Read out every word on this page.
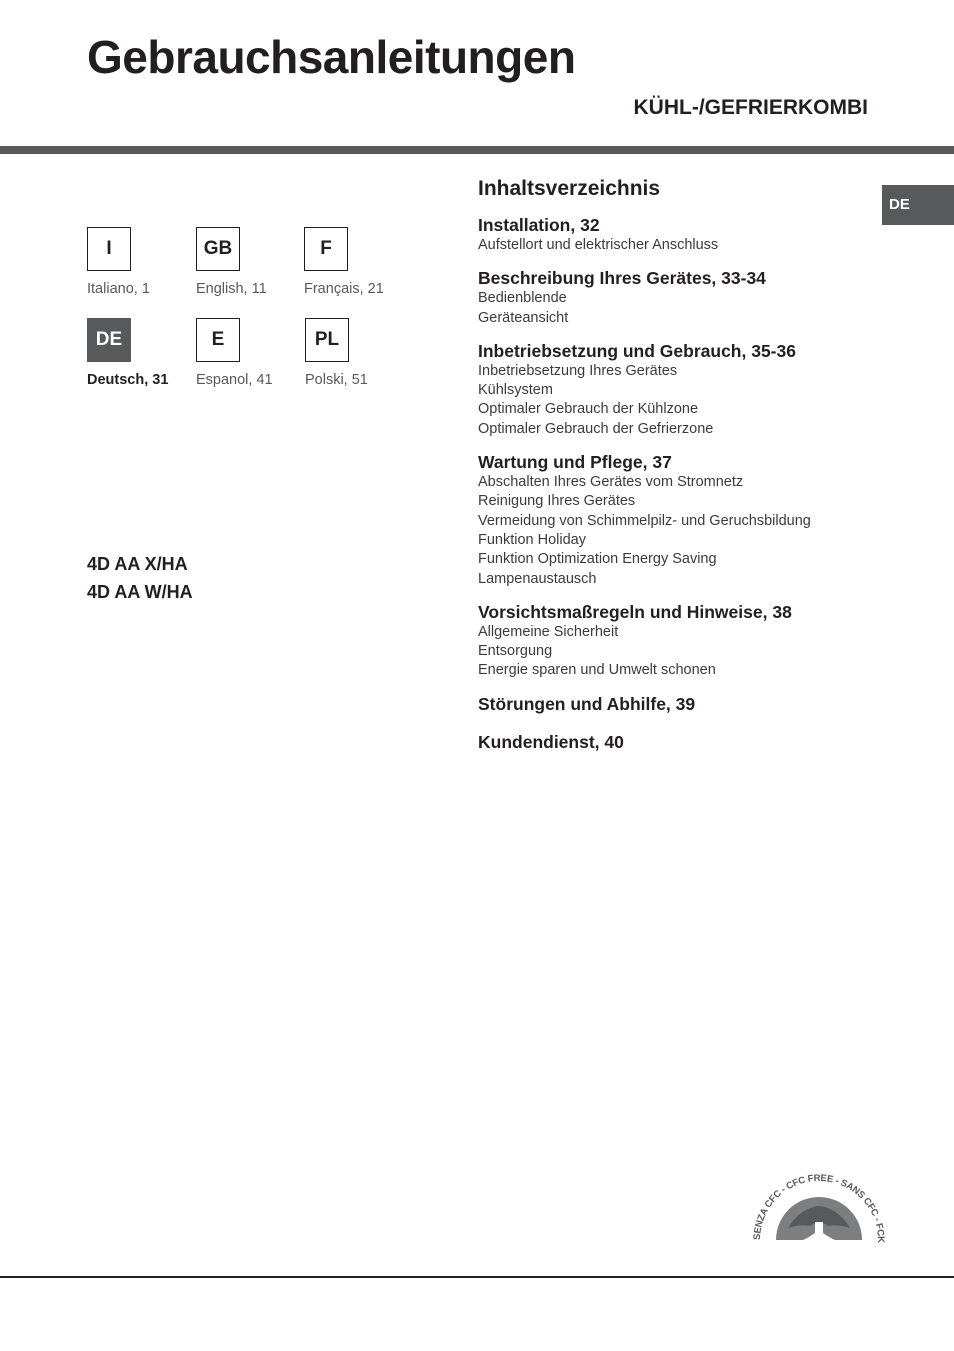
Gebrauchsanleitungen
KÜHL-/GEFRIERKOMBI
DE
I
Italiano, 1
GB
English, 11
F
Français, 21
DE
Deutsch, 31
E
Espanol, 41
PL
Polski, 51
4D AA X/HA
4D AA W/HA
Inhaltsverzeichnis
Installation, 32
Aufstellort und elektrischer Anschluss
Beschreibung Ihres Gerätes, 33-34
Bedienblende
Geräteansicht
Inbetriebsetzung und Gebrauch, 35-36
Inbetriebsetzung Ihres Gerätes
Kühlsystem
Optimaler Gebrauch der Kühlzone
Optimaler Gebrauch der Gefrierzone
Wartung und Pflege, 37
Abschalten Ihres Gerätes vom Stromnetz
Reinigung Ihres Gerätes
Vermeidung von Schimmelpilz- und Geruchsbildung
Funktion Holiday
Funktion Optimization Energy Saving
Lampenaustausch
Vorsichtsmaßregeln und Hinweise, 38
Allgemeine Sicherheit
Entsorgung
Energie sparen und Umwelt schonen
Störungen und Abhilfe, 39
Kundendienst, 40
SENZA CFC - CFC FREE - SANS CFC - FCK
